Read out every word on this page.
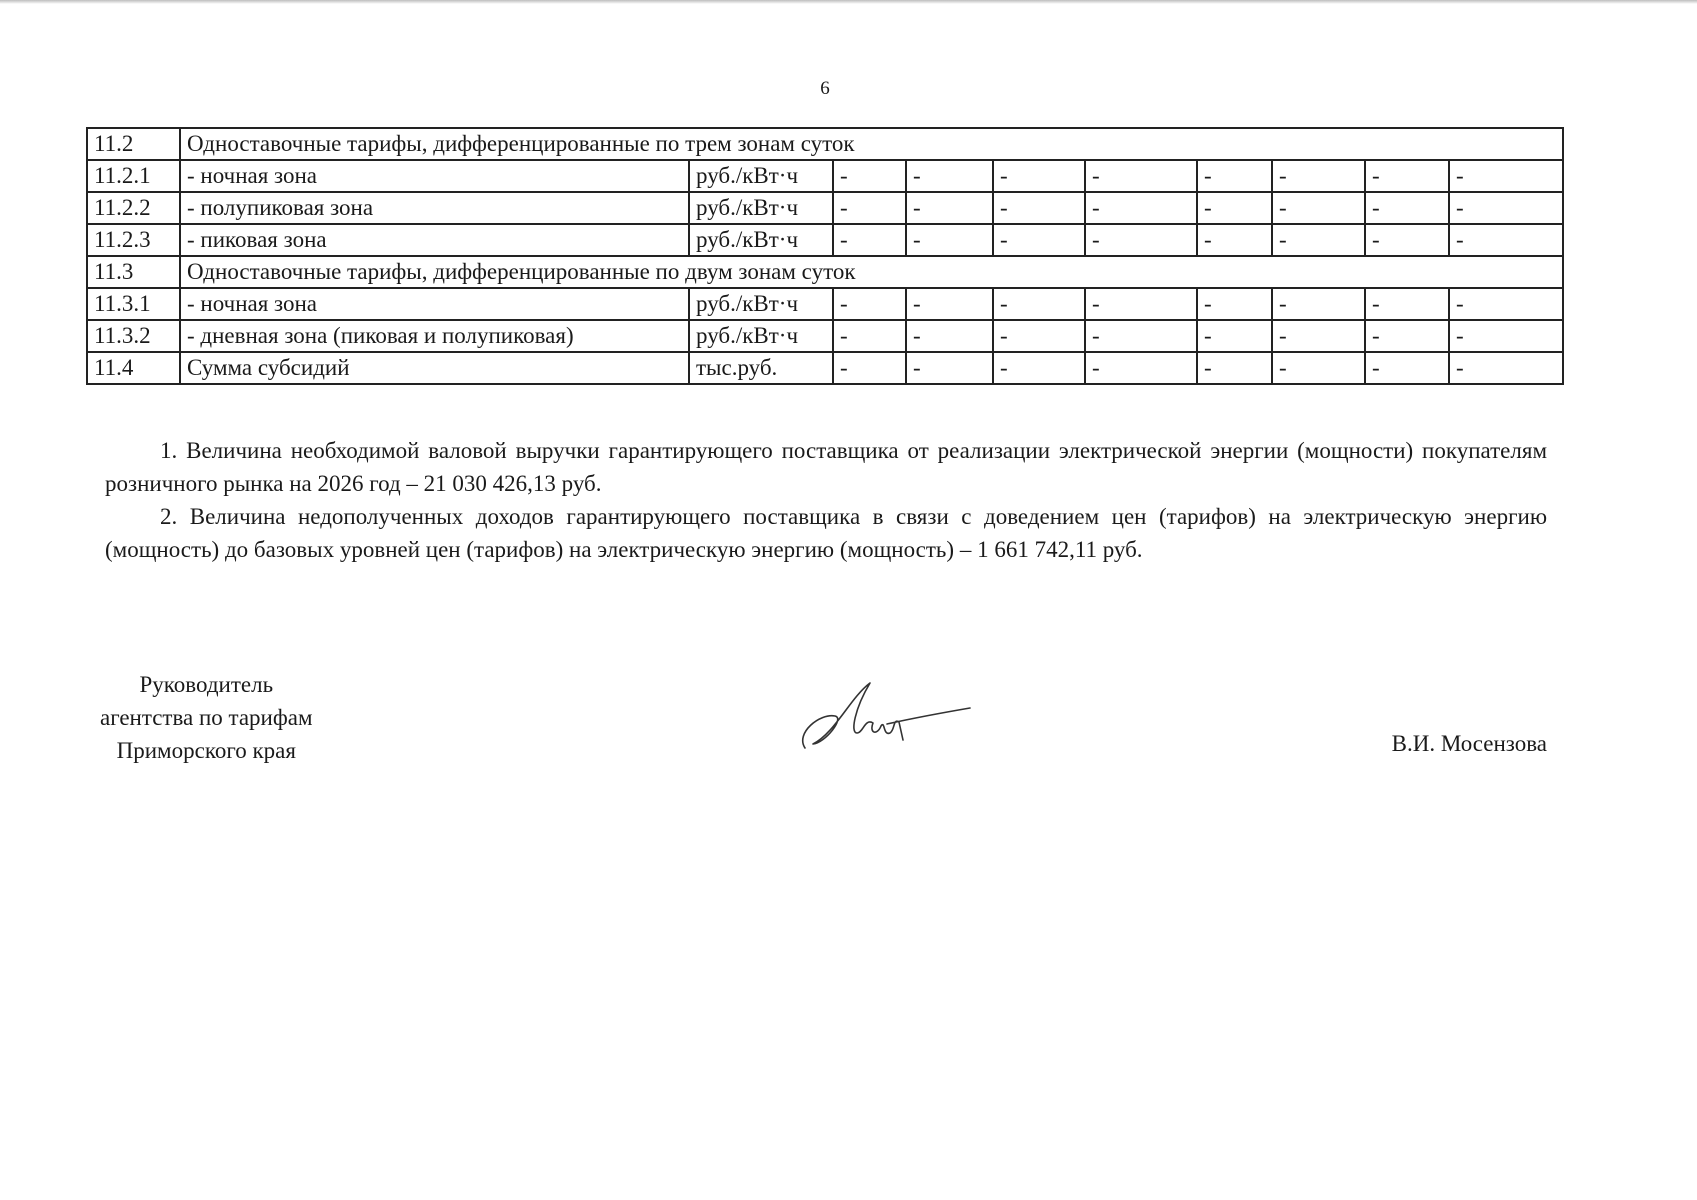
6
11.2	Одноставочные тарифы, дифференцированные по трем зонам суток									
11.2.1	- ночная зона	руб./кВт·ч	-	-	-	-	-	-	-	-
11.2.2	- полупиковая зона	руб./кВт·ч	-	-	-	-	-	-	-	-
11.2.3	- пиковая зона	руб./кВт·ч	-	-	-	-	-	-	-	-
11.3	Одноставочные тарифы, дифференцированные по двум зонам суток									
11.3.1	- ночная зона	руб./кВт·ч	-	-	-	-	-	-	-	-
11.3.2	- дневная зона (пиковая и полупиковая)	руб./кВт·ч	-	-	-	-	-	-	-	-
11.4	Сумма субсидий	тыс.руб.	-	-	-	-	-	-	-	-

1. Величина необходимой валовой выручки гарантирующего поставщика от реализации электрической энергии (мощности) покупателям розничного рынка на 2026 год – 21 030 426,13 руб.

2. Величина недополученных доходов гарантирующего поставщика в связи с доведением цен (тарифов) на электрическую энергию (мощность) до базовых уровней цен (тарифов) на электрическую энергию (мощность) – 1 661 742,11 руб.

Руководитель
агентства по тарифам
Приморского края	В.И. Мосензова
